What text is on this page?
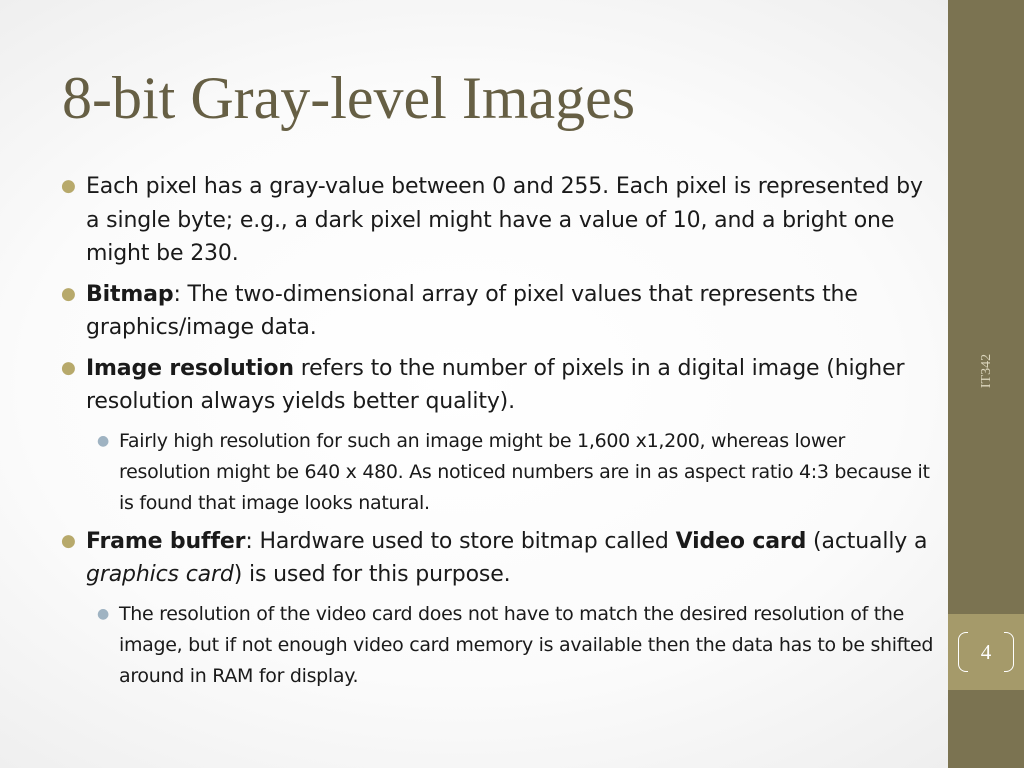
8-bit Gray-level Images
● Each pixel has a gray-value between 0 and 255. Each pixel is represented by a single byte; e.g., a dark pixel might have a value of 10, and a bright one might be 230.
● Bitmap: The two-dimensional array of pixel values that represents the graphics/image data.
● Image resolution refers to the number of pixels in a digital image (higher resolution always yields better quality).
● Fairly high resolution for such an image might be 1,600 x1,200, whereas lower resolution might be 640 x 480. As noticed numbers are in as aspect ratio 4:3 because it is found that image looks natural.
● Frame buffer: Hardware used to store bitmap called Video card (actually a graphics card) is used for this purpose.
● The resolution of the video card does not have to match the desired resolution of the image, but if not enough video card memory is available then the data has to be shifted around in RAM for display.
IT342
4
